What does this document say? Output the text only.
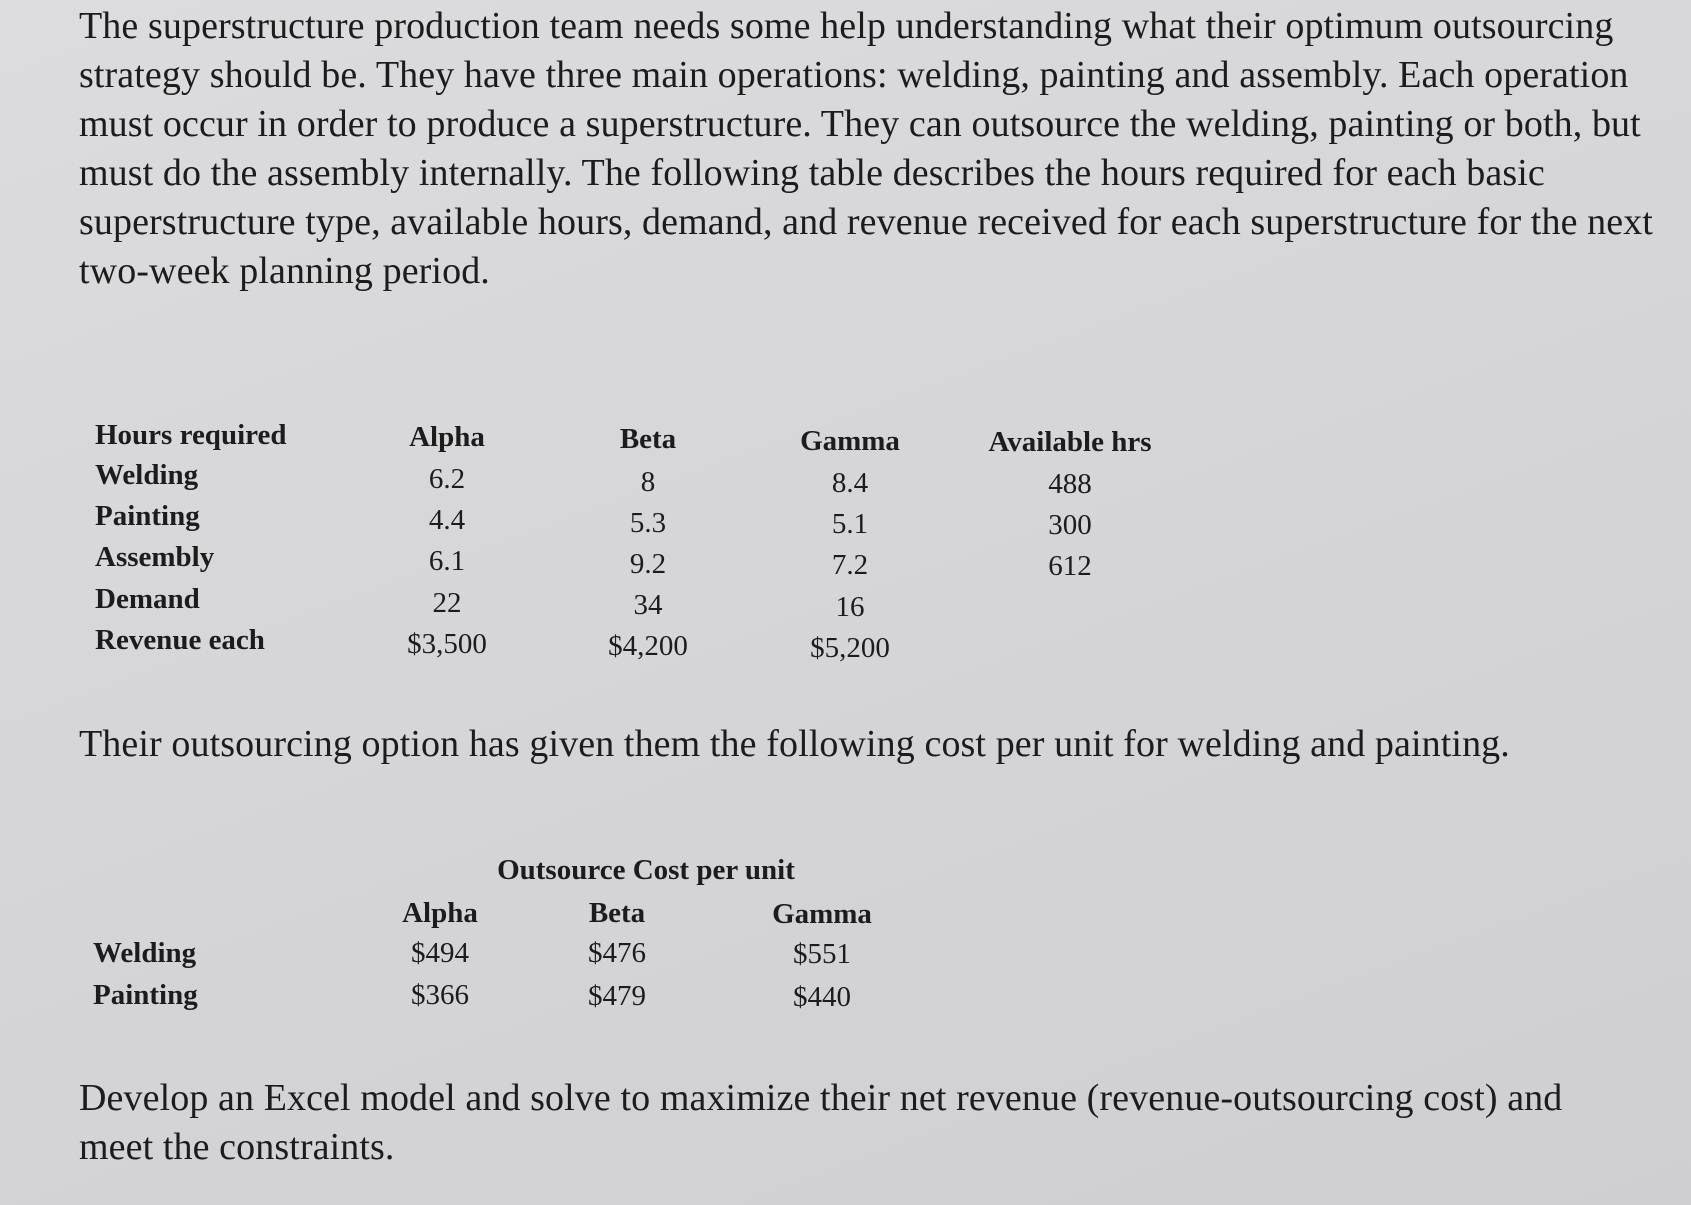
The superstructure production team needs some help understanding what their optimum outsourcing strategy should be. They have three main operations: welding, painting and assembly. Each operation must occur in order to produce a superstructure. They can outsource the welding, painting or both, but must do the assembly internally. The following table describes the hours required for each basic superstructure type, available hours, demand, and revenue received for each superstructure for the next two-week planning period.

Hours required	Alpha	Beta	Gamma	Available hrs
Welding	6.2	8	8.4	488
Painting	4.4	5.3	5.1	300
Assembly	6.1	9.2	7.2	612
Demand	22	34	16
Revenue each	$3,500	$4,200	$5,200

Their outsourcing option has given them the following cost per unit for welding and painting.

Outsource Cost per unit
Alpha	Beta	Gamma
Welding	$494	$476	$551
Painting	$366	$479	$440

Develop an Excel model and solve to maximize their net revenue (revenue-outsourcing cost) and meet the constraints.
